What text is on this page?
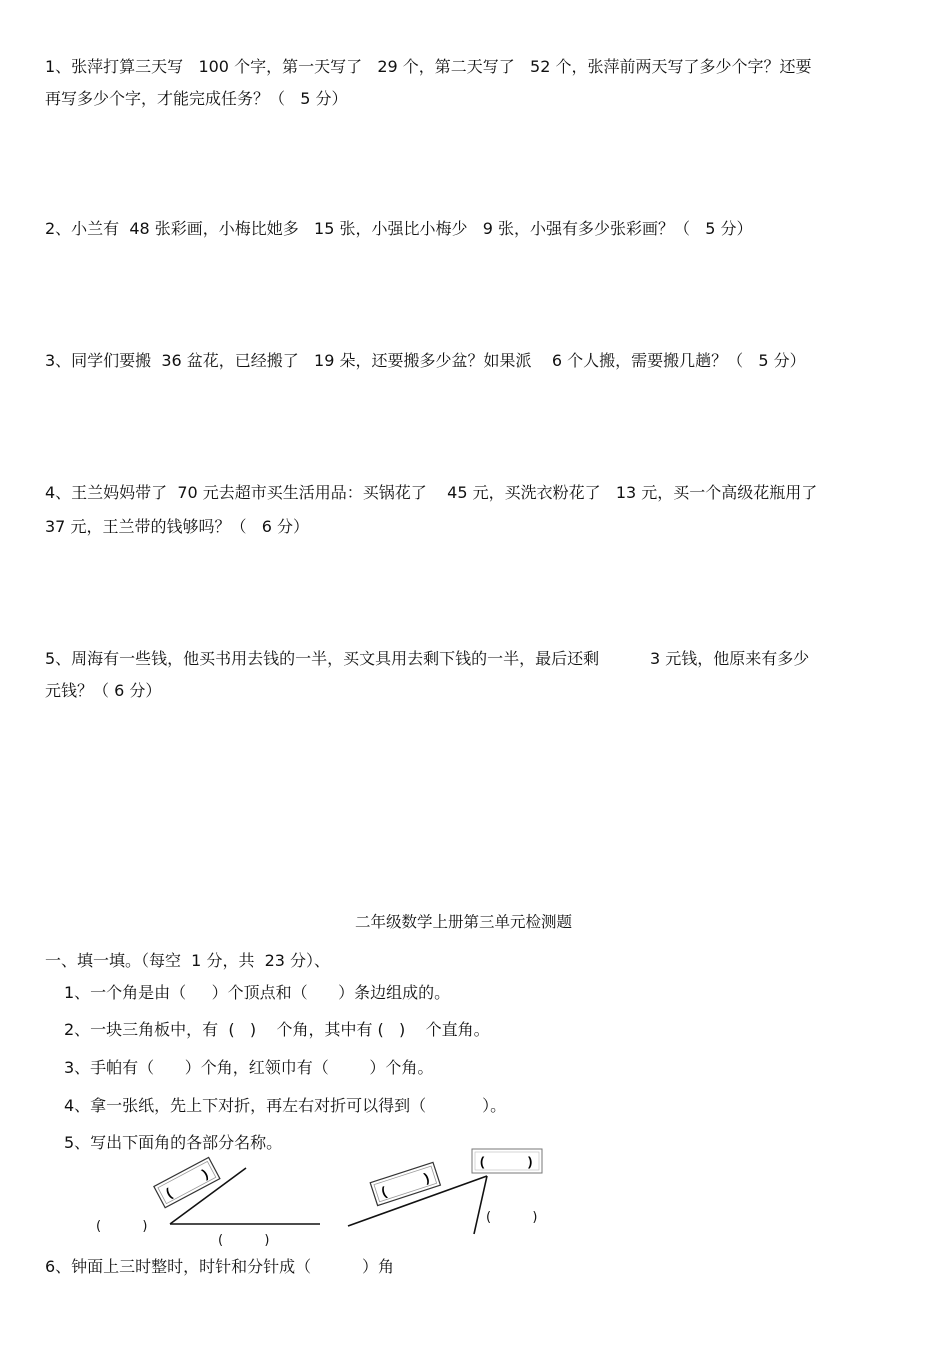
1、张萍打算三天写   100 个字，第一天写了   29 个，第二天写了   52 个，张萍前两天写了多少个字？还要
再写多少个字，才能完成任务？（   5 分）
2、小兰有  48 张彩画，小梅比她多   15 张，小强比小梅少   9 张，小强有多少张彩画？（   5 分）
3、同学们要搬  36 盆花，已经搬了   19 朵，还要搬多少盆？如果派    6 个人搬，需要搬几趟？（   5 分）
4、王兰妈妈带了  70 元去超市买生活用品：买锅花了    45 元，买洗衣粉花了   13 元，买一个高级花瓶用了
37 元，王兰带的钱够吗？（   6 分）
5、周海有一些钱，他买书用去钱的一半，买文具用去剩下钱的一半，最后还剩          3 元钱，他原来有多少
元钱？（ 6 分）
二年级数学上册第三单元检测题
一、填一填。（每空  1 分，共  23 分）、
1、一个角是由（     ）个顶点和（      ）条边组成的。
2、一块三角板中，有  (   )    个角，其中有 (   )    个直角。
3、手帕有（      ）个角，红领巾有（        ）个角。
4、拿一张纸，先上下对折，再左右对折可以得到（           ）。
5、写出下面角的各部分名称。
(
)
(
)
(	)
(          )
(          )
(          )
6、钟面上三时整时，时针和分针成（          ）角
